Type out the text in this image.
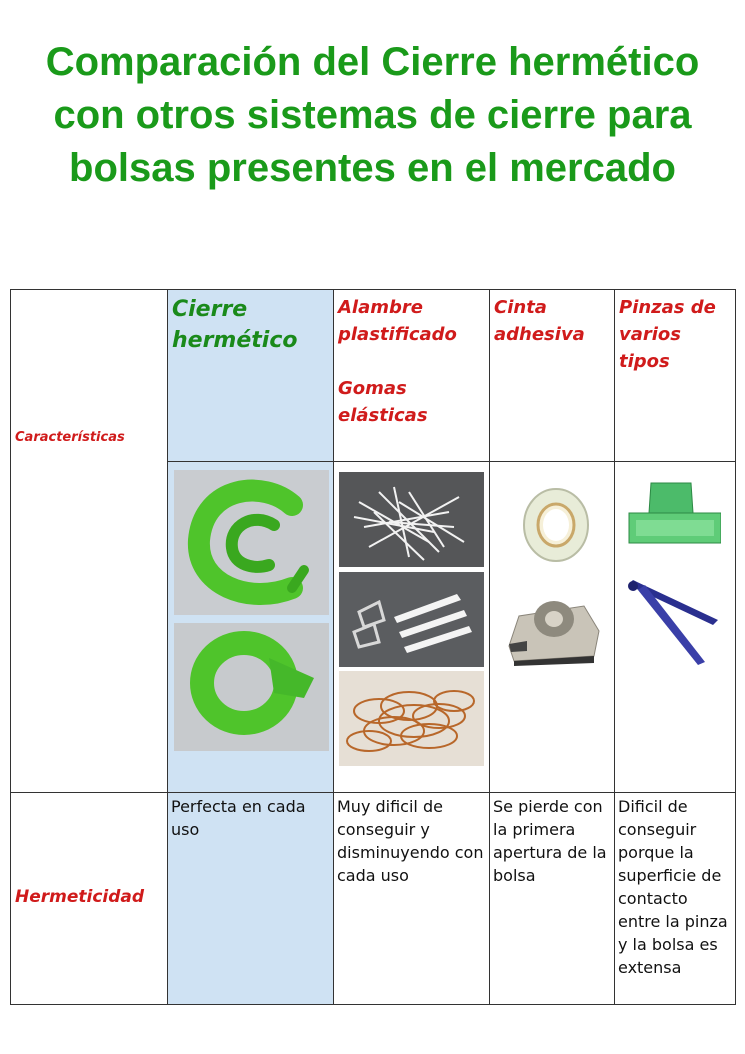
Comparación del Cierre hermético con otros sistemas de cierre para bolsas presentes en el mercado
Características
Cierre hermético
Alambre plastificado
Gomas elásticas
Cinta adhesiva
Pinzas de varios tipos
Hermeticidad
Perfecta en cada uso
Muy dificil de conseguir y disminuyendo con cada uso
Se pierde con la primera apertura de la bolsa
Dificil de conseguir porque la superficie de contacto entre la pinza y la bolsa es extensa
